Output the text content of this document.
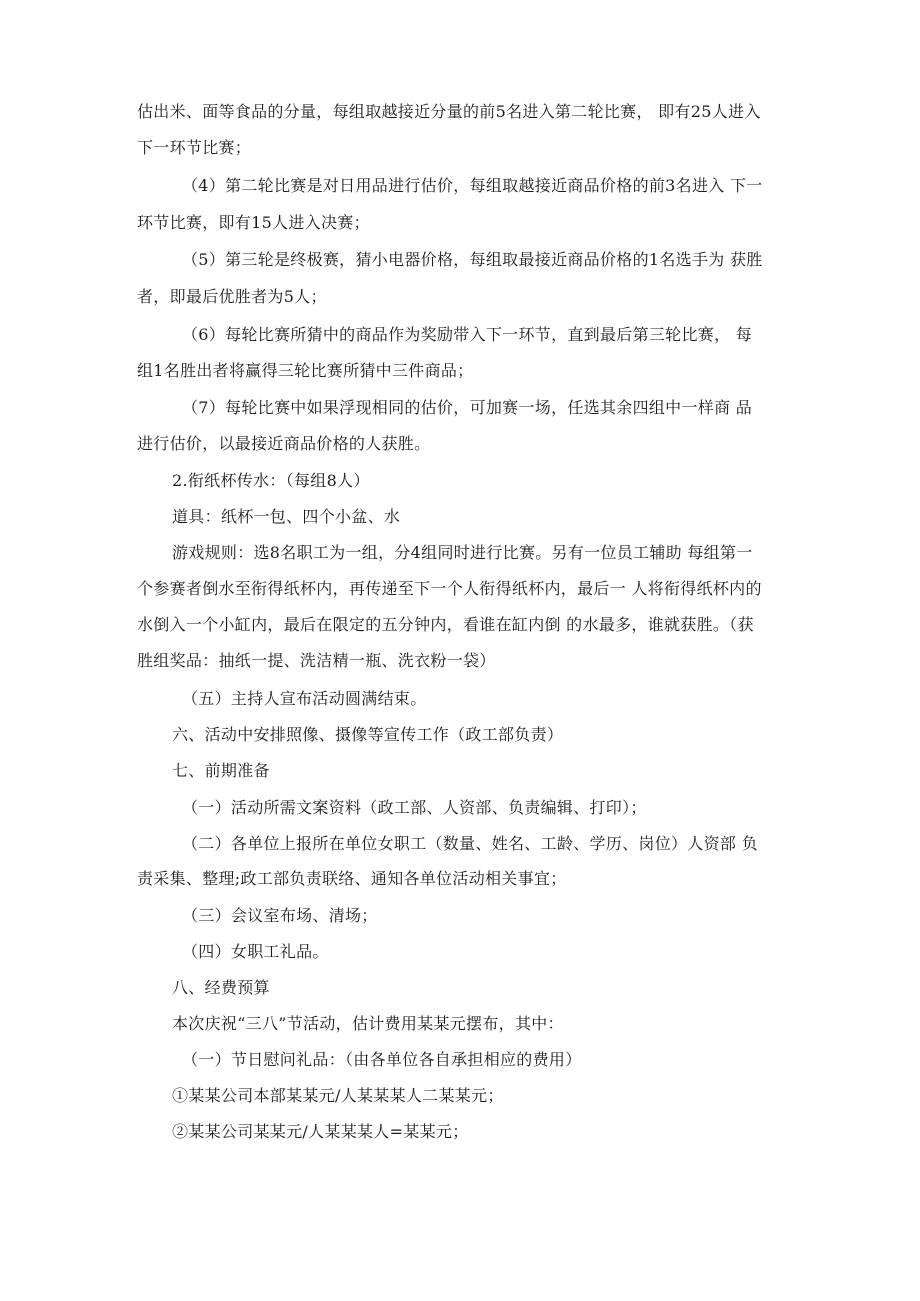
估出米、面等食品的分量，每组取越接近分量的前5名进入第二轮比赛， 即有25人进入
下一环节比赛；
（4）第二轮比赛是对日用品进行估价，每组取越接近商品价格的前3名进入 下一
环节比赛，即有15人进入决赛；
（5）第三轮是终极赛，猜小电器价格，每组取最接近商品价格的1名选手为 获胜
者，即最后优胜者为5人；
（6）每轮比赛所猜中的商品作为奖励带入下一环节，直到最后第三轮比赛， 每
组1名胜出者将赢得三轮比赛所猜中三件商品；
（7）每轮比赛中如果浮现相同的估价，可加赛一场，任选其余四组中一样商 品
进行估价，以最接近商品价格的人获胜。
2.衔纸杯传水：（每组8人）
道具：纸杯一包、四个小盆、水
游戏规则：选8名职工为一组，分4组同时进行比赛。另有一位员工辅助 每组第一
个参赛者倒水至衔得纸杯内，再传递至下一个人衔得纸杯内，最后一 人将衔得纸杯内的
水倒入一个小缸内，最后在限定的五分钟内，看谁在缸内倒 的水最多，谁就获胜。（获
胜组奖品：抽纸一提、洗洁精一瓶、洗衣粉一袋）
（五）主持人宣布活动圆满结束。
六、活动中安排照像、摄像等宣传工作（政工部负责）
七、前期准备
（一）活动所需文案资料（政工部、人资部、负责编辑、打印）；
（二）各单位上报所在单位女职工（数量、姓名、工龄、学历、岗位）人资部 负
责采集、整理;政工部负责联络、通知各单位活动相关事宜；
（三）会议室布场、清场；
（四）女职工礼品。
八、经费预算
本次庆祝“三八”节活动，估计费用某某元摆布，其中：
（一）节日慰问礼品：（由各单位各自承担相应的费用）
①某某公司本部某某元/人某某某人二某某元；
②某某公司某某元/人某某某人=某某元；
